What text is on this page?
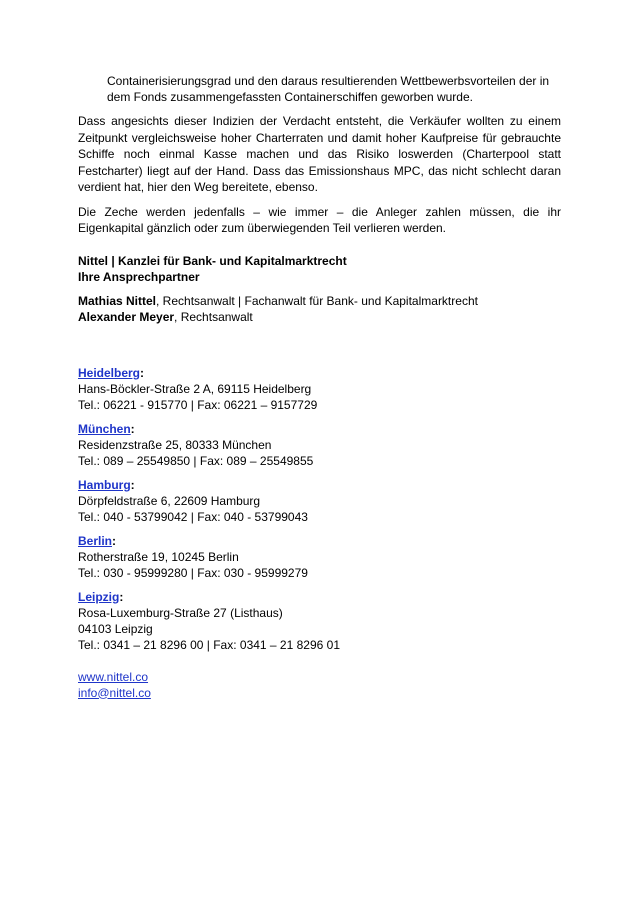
Containerisierungsgrad und den daraus resultierenden Wettbewerbsvorteilen der in
dem Fonds zusammengefassten Containerschiffen geworben wurde.

Dass angesichts dieser Indizien der Verdacht entsteht, die Verkäufer wollten zu einem Zeitpunkt vergleichsweise hoher Charterraten und damit hoher Kaufpreise für gebrauchte Schiffe noch einmal Kasse machen und das Risiko loswerden (Charterpool statt Festcharter) liegt auf der Hand. Dass das Emissionshaus MPC, das nicht schlecht daran verdient hat, hier den Weg bereitete, ebenso.

Die Zeche werden jedenfalls – wie immer – die Anleger zahlen müssen, die ihr Eigenkapital gänzlich oder zum überwiegenden Teil verlieren werden.

Nittel | Kanzlei für Bank- und Kapitalmarktrecht
Ihre Ansprechpartner
Mathias Nittel, Rechtsanwalt | Fachanwalt für Bank- und Kapitalmarktrecht
Alexander Meyer, Rechtsanwalt
Heidelberg:
Hans-Böckler-Straße 2 A, 69115 Heidelberg
Tel.: 06221 - 915770 | Fax: 06221 – 9157729
München:
Residenzstraße 25, 80333 München
Tel.: 089 – 25549850 | Fax: 089 – 25549855
Hamburg:
Dörpfeldstraße 6, 22609 Hamburg
Tel.: 040 - 53799042 | Fax: 040 - 53799043
Berlin:
Rotherstraße 19, 10245 Berlin
Tel.: 030 - 95999280 | Fax: 030 - 95999279
Leipzig:
Rosa-Luxemburg-Straße 27 (Listhaus)
04103 Leipzig
Tel.: 0341 – 21 8296 00 | Fax: 0341 – 21 8296 01
www.nittel.co
info@nittel.co
